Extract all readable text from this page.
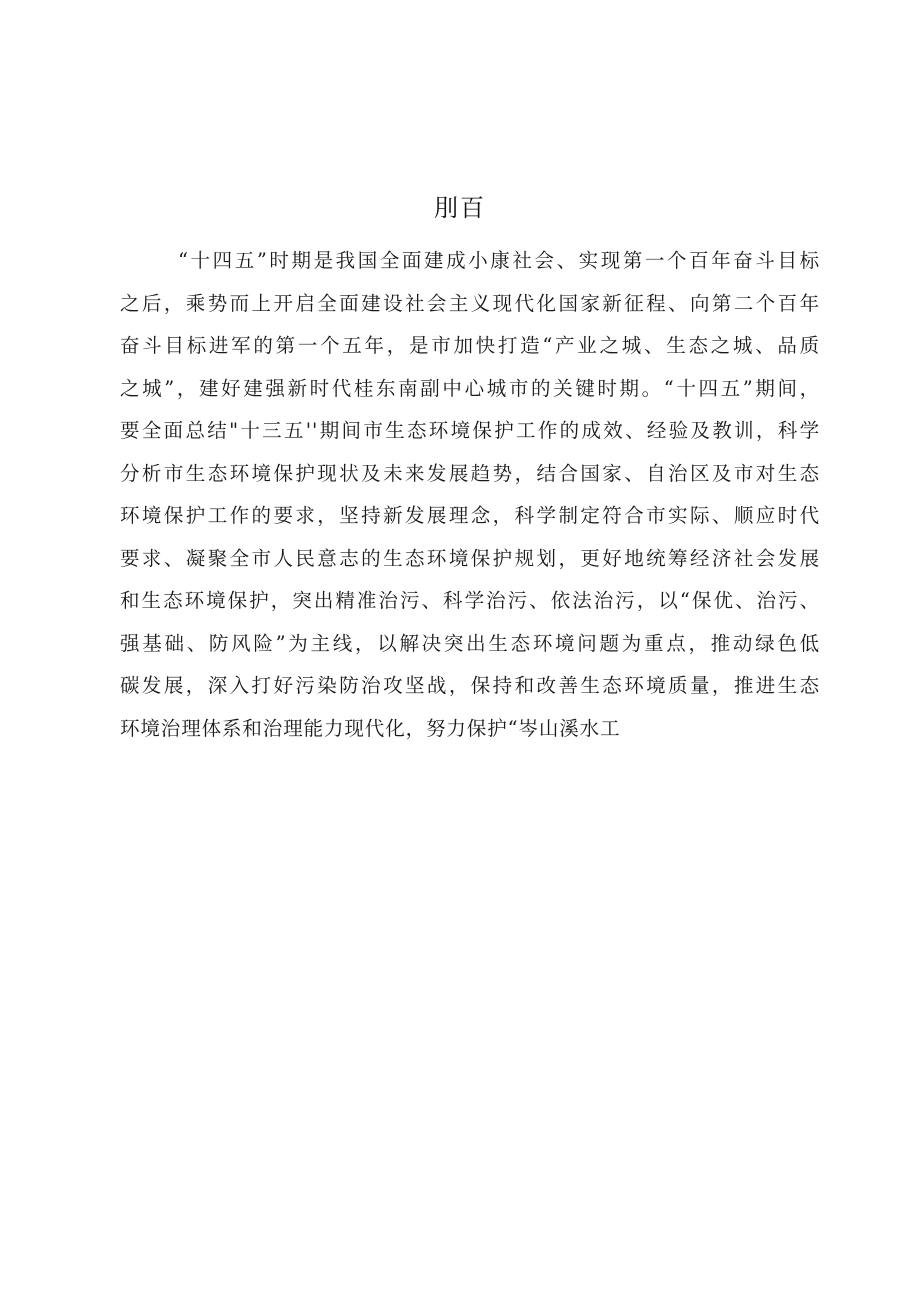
刖百
“十四五”时期是我国全面建成小康社会、实现第一个百年奋斗目标
之后，乘势而上开启全面建设社会主义现代化国家新征程、向第二个百年
奋斗目标进军的第一个五年，是市加快打造“产业之城、生态之城、品质
之城”，建好建强新时代桂东南副中心城市的关键时期。“十四五”期间，
要全面总结"十三五''期间市生态环境保护工作的成效、经验及教训，科学
分析市生态环境保护现状及未来发展趋势，结合国家、自治区及市对生态
环境保护工作的要求，坚持新发展理念，科学制定符合市实际、顺应时代
要求、凝聚全市人民意志的生态环境保护规划，更好地统筹经济社会发展
和生态环境保护，突出精准治污、科学治污、依法治污，以“保优、治污、
强基础、防风险”为主线，以解决突出生态环境问题为重点，推动绿色低
碳发展，深入打好污染防治攻坚战，保持和改善生态环境质量，推进生态
环境治理体系和治理能力现代化，努力保护“岑山溪水工
